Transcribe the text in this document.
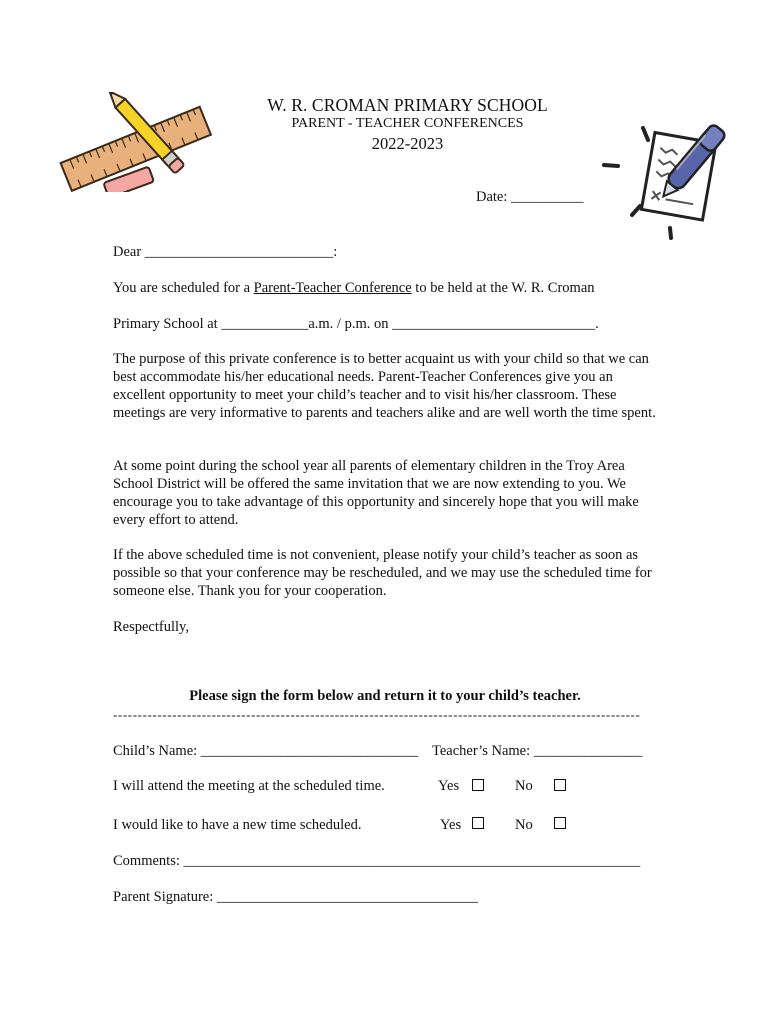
W. R. CROMAN PRIMARY SCHOOL
PARENT - TEACHER CONFERENCES
2022-2023
Date: __________
Dear __________________________:
You are scheduled for a Parent-Teacher Conference to be held at the W. R. Croman
Primary School at ____________a.m. / p.m. on ____________________________.
The purpose of this private conference is to better acquaint us with your child so that we can best accommodate his/her educational needs. Parent-Teacher Conferences give you an excellent opportunity to meet your child’s teacher and to visit his/her classroom. These meetings are very informative to parents and teachers alike and are well worth the time spent.
At some point during the school year all parents of elementary children in the Troy Area School District will be offered the same invitation that we are now extending to you. We encourage you to take advantage of this opportunity and sincerely hope that you will make every effort to attend.
If the above scheduled time is not convenient, please notify your child’s teacher as soon as possible so that your conference may be rescheduled, and we may use the scheduled time for someone else. Thank you for your cooperation.
Respectfully,
Please sign the form below and return it to your child’s teacher.
-----------------------------------------------------------------------------------------------------------
Child’s Name: ______________________________ Teacher’s Name: _______________
I will attend the meeting at the scheduled time.	Yes	No
I would like to have a new time scheduled.	Yes	No
Comments: _______________________________________________________________
Parent Signature: ____________________________________
